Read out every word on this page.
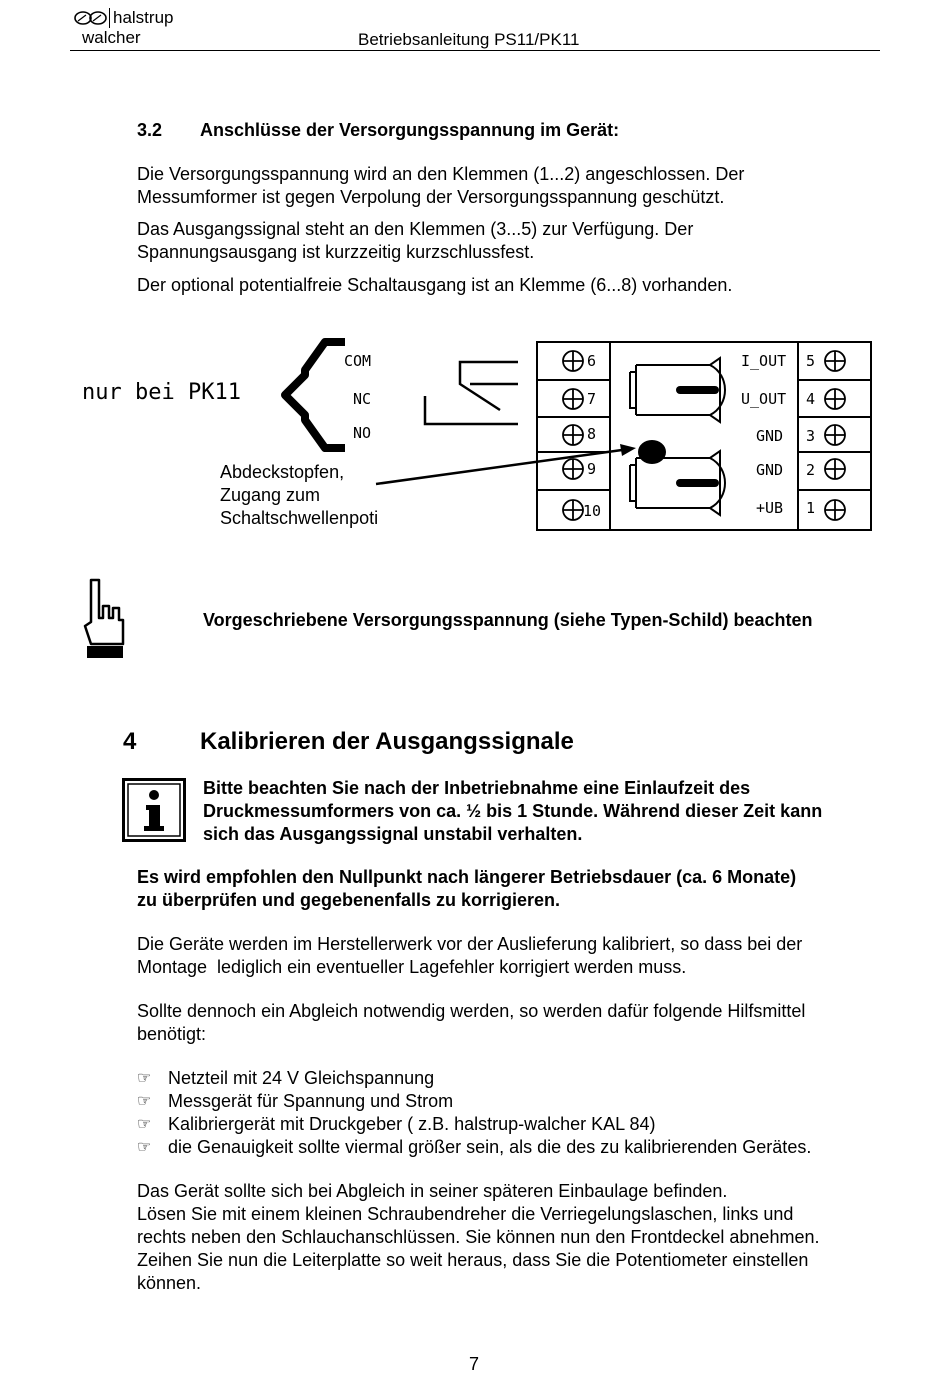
halstrup
walcher	Betriebsanleitung PS11/PK11
3.2 Anschlüsse der Versorgungsspannung im Gerät:
Die Versorgungsspannung wird an den Klemmen (1...2) angeschlossen. Der
Messumformer ist gegen Verpolung der Versorgungsspannung geschützt.
Das Ausgangssignal steht an den Klemmen (3...5) zur Verfügung. Der
Spannungsausgang ist kurzzeitig kurzschlussfest.
Der optional potentialfreie Schaltausgang ist an Klemme (6...8) vorhanden.
nur bei PK11
COM
NC
NO
6
7
8
9
10
I_OUT
U_OUT
GND
GND
+UB
5
4
3
2
1
Abdeckstopfen,
Zugang zum
Schaltschwellenpoti
Vorgeschriebene Versorgungsspannung (siehe Typen-Schild) beachten
4	Kalibrieren der Ausgangssignale
Bitte beachten Sie nach der Inbetriebnahme eine Einlaufzeit des
Druckmessumformers von ca. ½ bis 1 Stunde. Während dieser Zeit kann
sich das Ausgangssignal unstabil verhalten.
Es wird empfohlen den Nullpunkt nach längerer Betriebsdauer (ca. 6 Monate)
zu überprüfen und gegebenenfalls zu korrigieren.
Die Geräte werden im Herstellerwerk vor der Auslieferung kalibriert, so dass bei der
Montage  lediglich ein eventueller Lagefehler korrigiert werden muss.
Sollte dennoch ein Abgleich notwendig werden, so werden dafür folgende Hilfsmittel
benötigt:
☞ Netzteil mit 24 V Gleichspannung
☞ Messgerät für Spannung und Strom
☞ Kalibriergerät mit Druckgeber ( z.B. halstrup-walcher KAL 84)
☞ die Genauigkeit sollte viermal größer sein, als die des zu kalibrierenden Gerätes.
Das Gerät sollte sich bei Abgleich in seiner späteren Einbaulage befinden.
Lösen Sie mit einem kleinen Schraubendreher die Verriegelungslaschen, links und
rechts neben den Schlauchanschlüssen. Sie können nun den Frontdeckel abnehmen.
Zeihen Sie nun die Leiterplatte so weit heraus, dass Sie die Potentiometer einstellen
können.
7
